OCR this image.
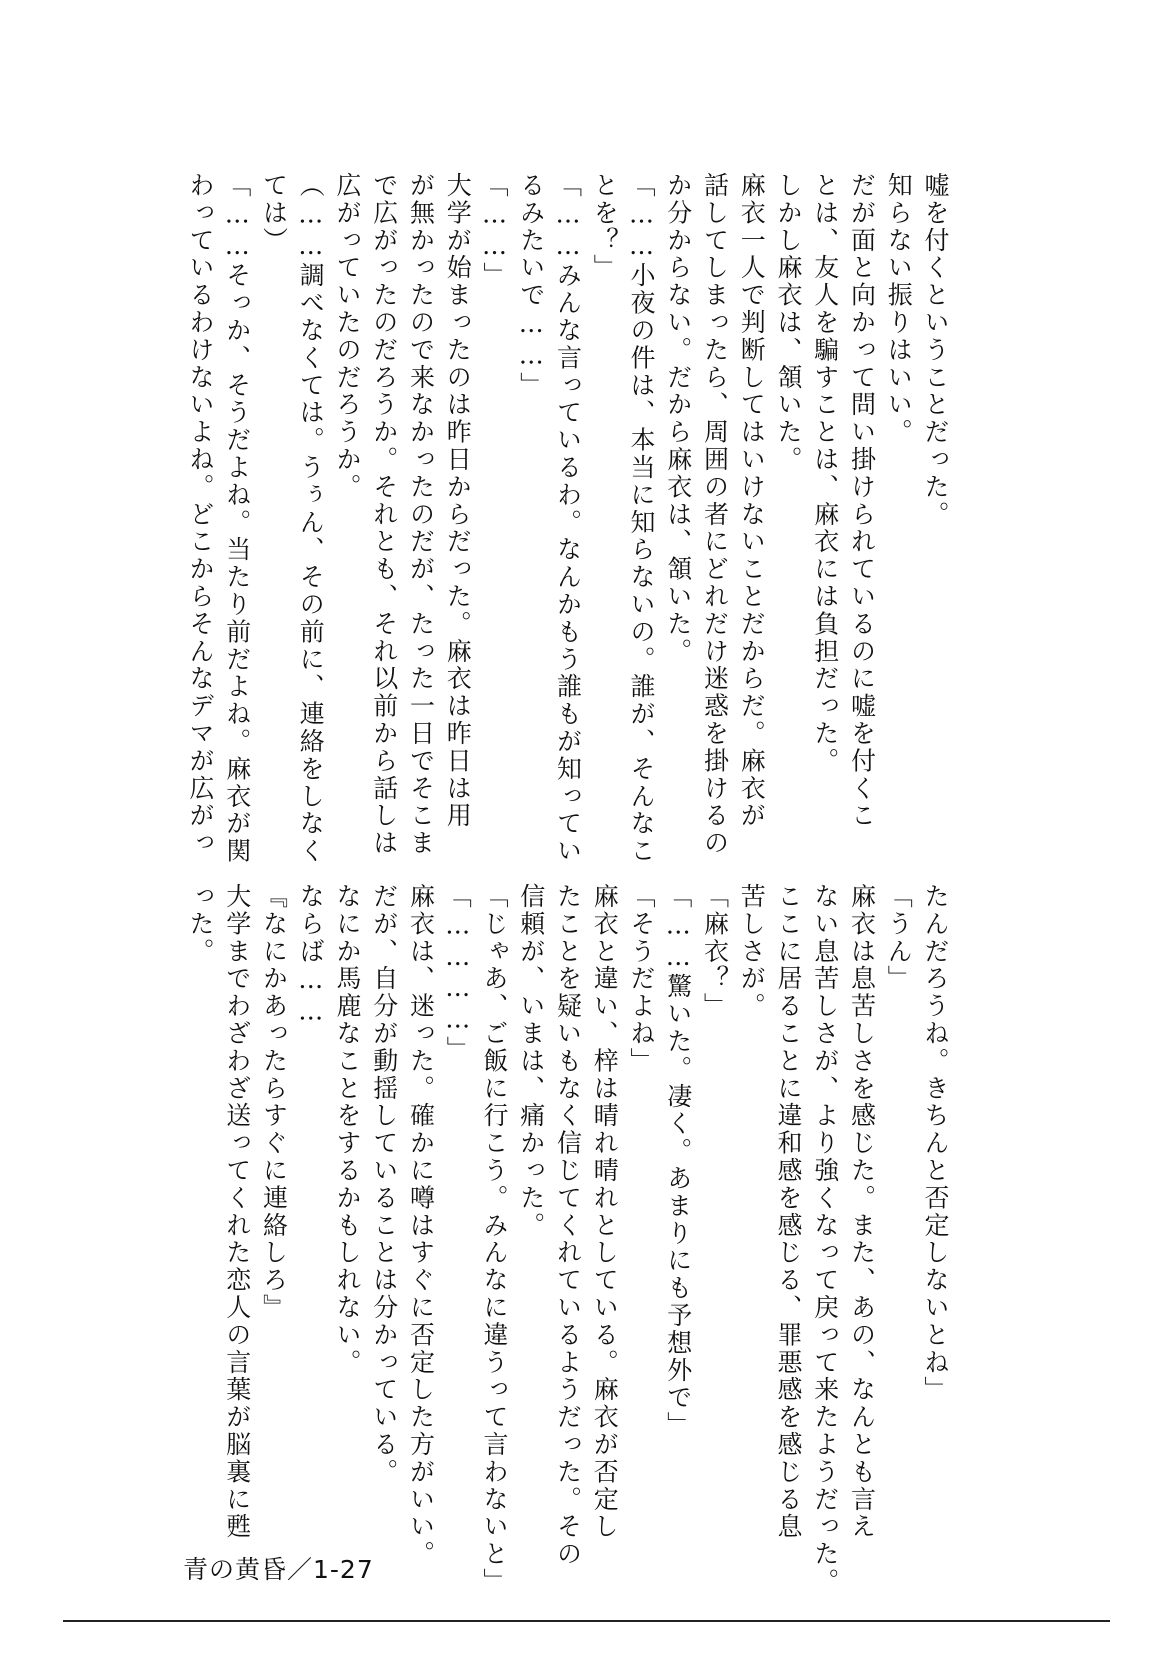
嘘を付くということだった。
知らない振りはいい。
だが面と向かって問い掛けられているのに嘘を付くこ
とは、友人を騙すことは、麻衣には負担だった。
しかし麻衣は、頷いた。
麻衣一人で判断してはいけないことだからだ。麻衣が
話してしまったら、周囲の者にどれだけ迷惑を掛けるの
か分からない。だから麻衣は、頷いた。
「……小夜の件は、本当に知らないの。誰が、そんなこ
とを？」
「……みんな言っているわ。なんかもう誰もが知ってい
るみたいで……」
「……」
大学が始まったのは昨日からだった。麻衣は昨日は用
が無かったので来なかったのだが、たった一日でそこま
で広がったのだろうか。それとも、それ以前から話しは
広がっていたのだろうか。
（……調べなくては。うぅん、その前に、連絡をしなく
ては）
「……そっか、そうだよね。当たり前だよね。麻衣が関
わっているわけないよね。どこからそんなデマが広がっ
たんだろうね。きちんと否定しないとね」
「うん」
麻衣は息苦しさを感じた。また、あの、なんとも言え
ない息苦しさが、より強くなって戻って来たようだった。
ここに居ることに違和感を感じる、罪悪感を感じる息
苦しさが。
「麻衣？」
「……驚いた。凄く。あまりにも予想外で」
「そうだよね」
麻衣と違い、梓は晴れ晴れとしている。麻衣が否定し
たことを疑いもなく信じてくれているようだった。その
信頼が、いまは、痛かった。
「じゃあ、ご飯に行こう。みんなに違うって言わないと」
「…………」
麻衣は、迷った。確かに噂はすぐに否定した方がいい。
だが、自分が動揺していることは分かっている。
なにか馬鹿なことをするかもしれない。
ならば……
『なにかあったらすぐに連絡しろ』
大学までわざわざ送ってくれた恋人の言葉が脳裏に甦
った。
青の黄昏／1-27
